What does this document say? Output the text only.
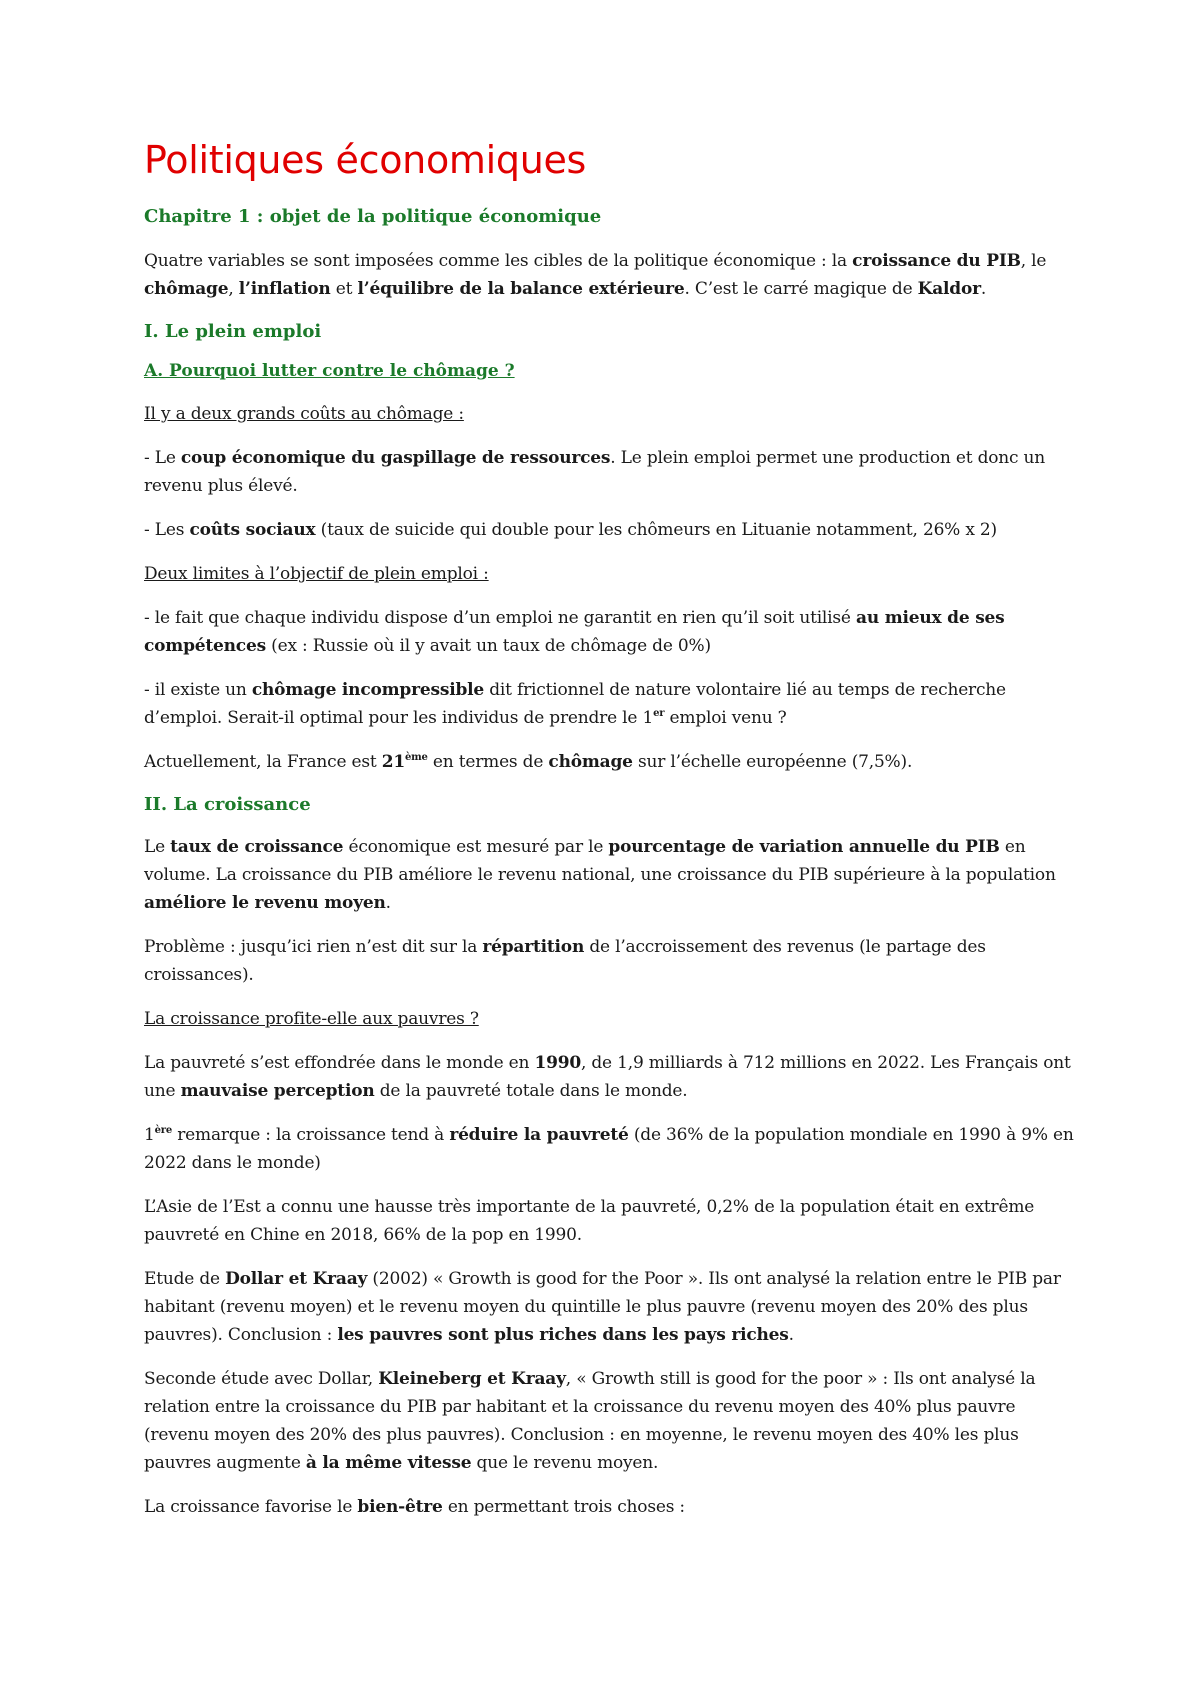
Politiques économiques
Chapitre 1 : objet de la politique économique

Quatre variables se sont imposées comme les cibles de la politique économique : la croissance du PIB, le chômage, l’inflation et l’équilibre de la balance extérieure. C’est le carré magique de Kaldor.

I. Le plein emploi
A. Pourquoi lutter contre le chômage ?

Il y a deux grands coûts au chômage :

- Le coup économique du gaspillage de ressources. Le plein emploi permet une production et donc un revenu plus élevé.

- Les coûts sociaux (taux de suicide qui double pour les chômeurs en Lituanie notamment, 26% x 2)

Deux limites à l’objectif de plein emploi :

- le fait que chaque individu dispose d’un emploi ne garantit en rien qu’il soit utilisé au mieux de ses compétences (ex : Russie où il y avait un taux de chômage de 0%)

- il existe un chômage incompressible dit frictionnel de nature volontaire lié au temps de recherche d’emploi. Serait-il optimal pour les individus de prendre le 1er emploi venu ?

Actuellement, la France est 21ème en termes de chômage sur l’échelle européenne (7,5%).

II. La croissance

Le taux de croissance économique est mesuré par le pourcentage de variation annuelle du PIB en volume. La croissance du PIB améliore le revenu national, une croissance du PIB supérieure à la population améliore le revenu moyen.

Problème : jusqu’ici rien n’est dit sur la répartition de l’accroissement des revenus (le partage des croissances).

La croissance profite-elle aux pauvres ?

La pauvreté s’est effondrée dans le monde en 1990, de 1,9 milliards à 712 millions en 2022. Les Français ont une mauvaise perception de la pauvreté totale dans le monde.

1ère remarque : la croissance tend à réduire la pauvreté (de 36% de la population mondiale en 1990 à 9% en 2022 dans le monde)

L’Asie de l’Est a connu une hausse très importante de la pauvreté, 0,2% de la population était en extrême pauvreté en Chine en 2018, 66% de la pop en 1990.

Etude de Dollar et Kraay (2002) « Growth is good for the Poor ». Ils ont analysé la relation entre le PIB par habitant (revenu moyen) et le revenu moyen du quintille le plus pauvre (revenu moyen des 20% des plus pauvres). Conclusion : les pauvres sont plus riches dans les pays riches.

Seconde étude avec Dollar, Kleineberg et Kraay, « Growth still is good for the poor » : Ils ont analysé la relation entre la croissance du PIB par habitant et la croissance du revenu moyen des 40% plus pauvre (revenu moyen des 20% des plus pauvres). Conclusion : en moyenne, le revenu moyen des 40% les plus pauvres augmente à la même vitesse que le revenu moyen.

La croissance favorise le bien-être en permettant trois choses :
